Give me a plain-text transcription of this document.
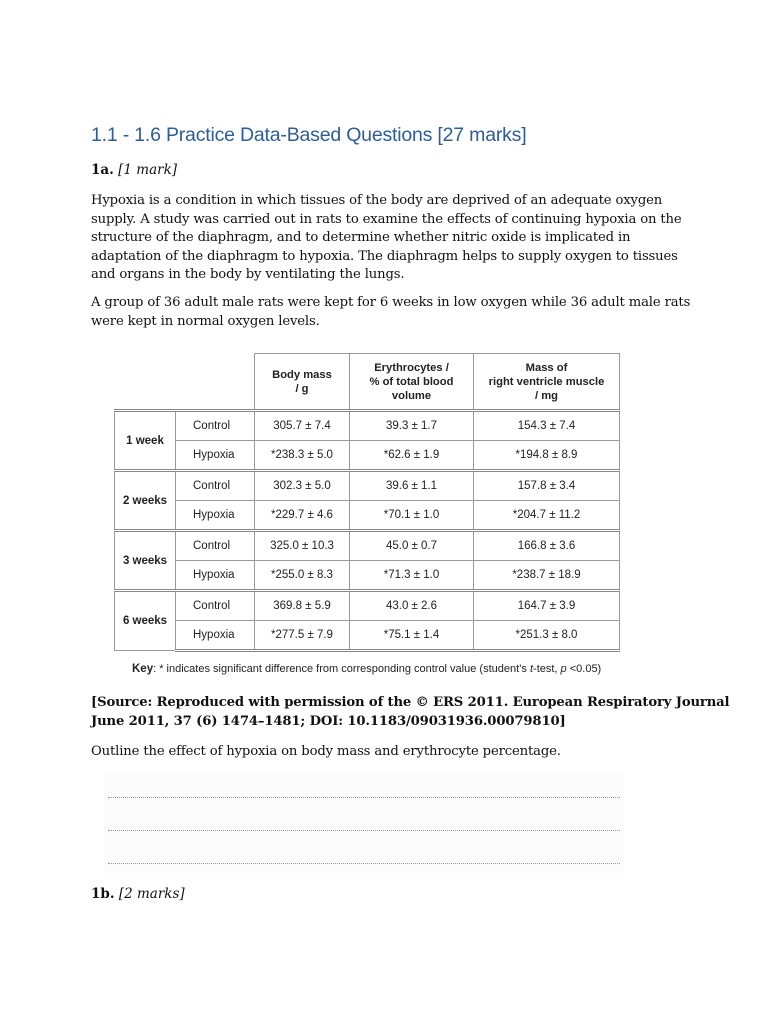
1.1 - 1.6 Practice Data-Based Questions [27 marks]
1a. [1 mark]
Hypoxia is a condition in which tissues of the body are deprived of an adequate oxygen
supply. A study was carried out in rats to examine the effects of continuing hypoxia on the
structure of the diaphragm, and to determine whether nitric oxide is implicated in
adaptation of the diaphragm to hypoxia. The diaphragm helps to supply oxygen to tissues
and organs in the body by ventilating the lungs.
A group of 36 adult male rats were kept for 6 weeks in low oxygen while 36 adult male rats
were kept in normal oxygen levels.
		Body mass
/ g	Erythrocytes /
% of total blood
volume	Mass of
right ventricle muscle
/ mg
1 week	Control	305.7 ± 7.4	39.3 ± 1.7	154.3 ± 7.4
	Hypoxia	*238.3 ± 5.0	*62.6 ± 1.9	*194.8 ± 8.9
2 weeks	Control	302.3 ± 5.0	39.6 ± 1.1	157.8 ± 3.4
	Hypoxia	*229.7 ± 4.6	*70.1 ± 1.0	*204.7 ± 11.2
3 weeks	Control	325.0 ± 10.3	45.0 ± 0.7	166.8 ± 3.6
	Hypoxia	*255.0 ± 8.3	*71.3 ± 1.0	*238.7 ± 18.9
6 weeks	Control	369.8 ± 5.9	43.0 ± 2.6	164.7 ± 3.9
	Hypoxia	*277.5 ± 7.9	*75.1 ± 1.4	*251.3 ± 8.0
Key: * indicates significant difference from corresponding control value (student’s t-test, p <0.05)
[Source: Reproduced with permission of the © ERS 2011. European Respiratory Journal
June 2011, 37 (6) 1474–1481; DOI: 10.1183/09031936.00079810]
Outline the effect of hypoxia on body mass and erythrocyte percentage.
1b. [2 marks]
